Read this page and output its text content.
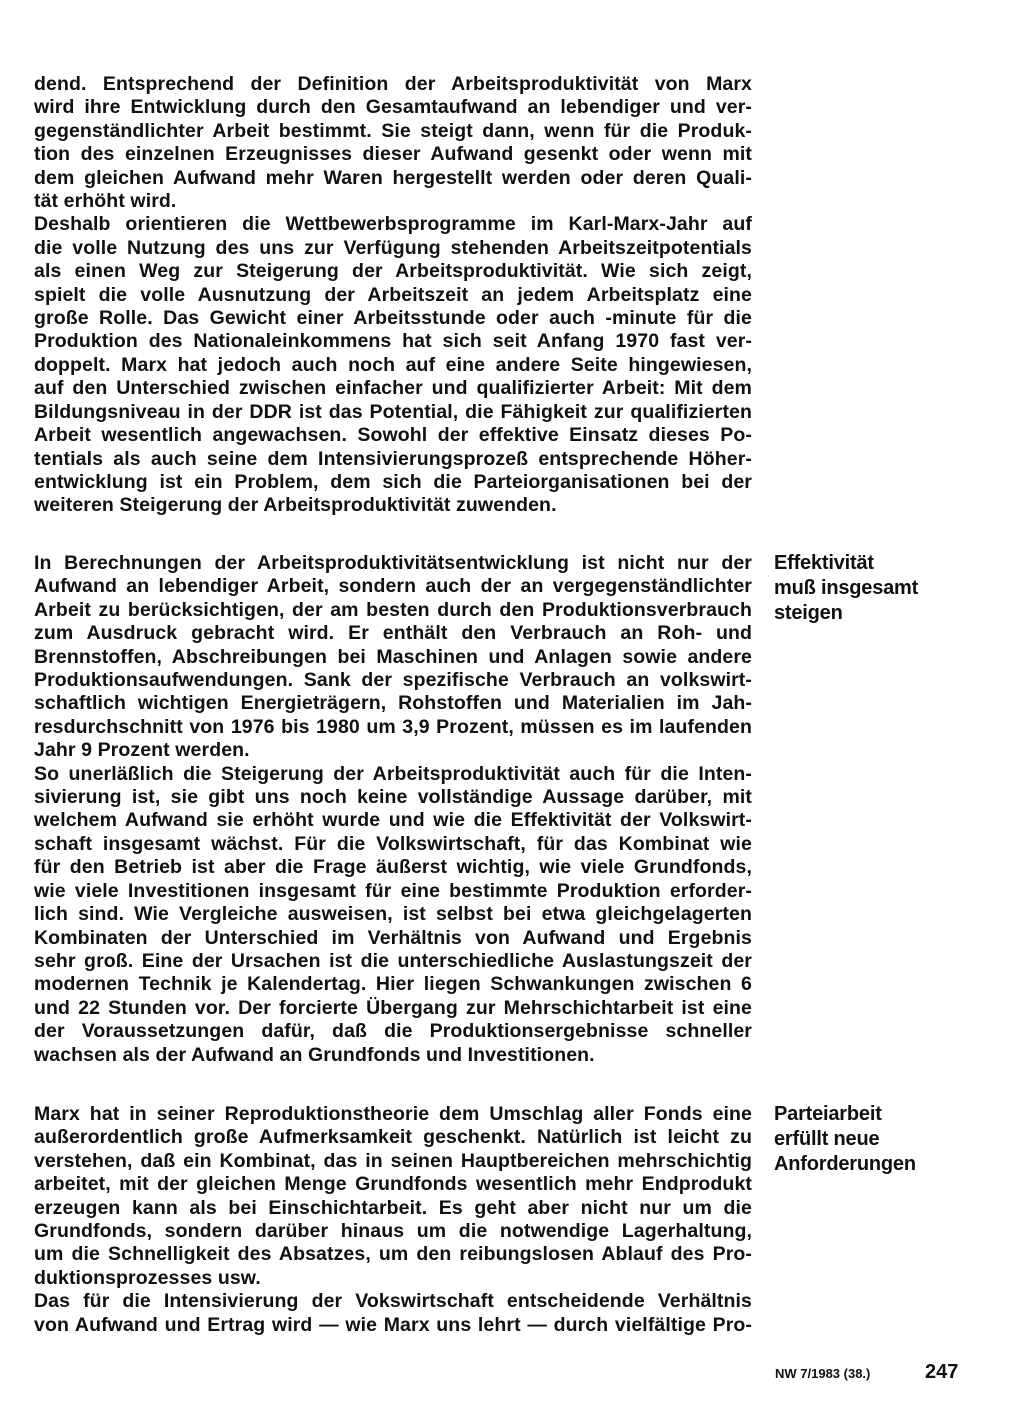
dend. Entsprechend der Definition der Arbeitsproduktivität von Marx
wird ihre Entwicklung durch den Gesamtaufwand an lebendiger und ver-
gegenständlichter Arbeit bestimmt. Sie steigt dann, wenn für die Produk-
tion des einzelnen Erzeugnisses dieser Aufwand gesenkt oder wenn mit
dem gleichen Aufwand mehr Waren hergestellt werden oder deren Quali-
tät erhöht wird.
Deshalb orientieren die Wettbewerbsprogramme im Karl-Marx-Jahr auf
die volle Nutzung des uns zur Verfügung stehenden Arbeitszeitpotentials
als einen Weg zur Steigerung der Arbeitsproduktivität. Wie sich zeigt,
spielt die volle Ausnutzung der Arbeitszeit an jedem Arbeitsplatz eine
große Rolle. Das Gewicht einer Arbeitsstunde oder auch -minute für die
Produktion des Nationaleinkommens hat sich seit Anfang 1970 fast ver-
doppelt. Marx hat jedoch auch noch auf eine andere Seite hingewiesen,
auf den Unterschied zwischen einfacher und qualifizierter Arbeit: Mit dem
Bildungsniveau in der DDR ist das Potential, die Fähigkeit zur qualifizierten
Arbeit wesentlich angewachsen. Sowohl der effektive Einsatz dieses Po-
tentials als auch seine dem Intensivierungsprozeß entsprechende Höher-
entwicklung ist ein Problem, dem sich die Parteiorganisationen bei der
weiteren Steigerung der Arbeitsproduktivität zuwenden.
In Berechnungen der Arbeitsproduktivitätsentwicklung ist nicht nur der
Aufwand an lebendiger Arbeit, sondern auch der an vergegenständlichter
Arbeit zu berücksichtigen, der am besten durch den Produktionsverbrauch
zum Ausdruck gebracht wird. Er enthält den Verbrauch an Roh- und
Brennstoffen, Abschreibungen bei Maschinen und Anlagen sowie andere
Produktionsaufwendungen. Sank der spezifische Verbrauch an volkswirt-
schaftlich wichtigen Energieträgern, Rohstoffen und Materialien im Jah-
resdurchschnitt von 1976 bis 1980 um 3,9 Prozent, müssen es im laufenden
Jahr 9 Prozent werden.
So unerläßlich die Steigerung der Arbeitsproduktivität auch für die Inten-
sivierung ist, sie gibt uns noch keine vollständige Aussage darüber, mit
welchem Aufwand sie erhöht wurde und wie die Effektivität der Volkswirt-
schaft insgesamt wächst. Für die Volkswirtschaft, für das Kombinat wie
für den Betrieb ist aber die Frage äußerst wichtig, wie viele Grundfonds,
wie viele Investitionen insgesamt für eine bestimmte Produktion erforder-
lich sind. Wie Vergleiche ausweisen, ist selbst bei etwa gleichgelagerten
Kombinaten der Unterschied im Verhältnis von Aufwand und Ergebnis
sehr groß. Eine der Ursachen ist die unterschiedliche Auslastungszeit der
modernen Technik je Kalendertag. Hier liegen Schwankungen zwischen 6
und 22 Stunden vor. Der forcierte Übergang zur Mehrschichtarbeit ist eine
der Voraussetzungen dafür, daß die Produktionsergebnisse schneller
wachsen als der Aufwand an Grundfonds und Investitionen.
Marx hat in seiner Reproduktionstheorie dem Umschlag aller Fonds eine
außerordentlich große Aufmerksamkeit geschenkt. Natürlich ist leicht zu
verstehen, daß ein Kombinat, das in seinen Hauptbereichen mehrschichtig
arbeitet, mit der gleichen Menge Grundfonds wesentlich mehr Endprodukt
erzeugen kann als bei Einschichtarbeit. Es geht aber nicht nur um die
Grundfonds, sondern darüber hinaus um die notwendige Lagerhaltung,
um die Schnelligkeit des Absatzes, um den reibungslosen Ablauf des Pro-
duktionsprozesses usw.
Das für die Intensivierung der Vokswirtschaft entscheidende Verhältnis
von Aufwand und Ertrag wird — wie Marx uns lehrt — durch vielfältige Pro-
Effektivität
muß insgesamt
steigen
Parteiarbeit
erfüllt neue
Anforderungen
NW 7/1983 (38.)	247
